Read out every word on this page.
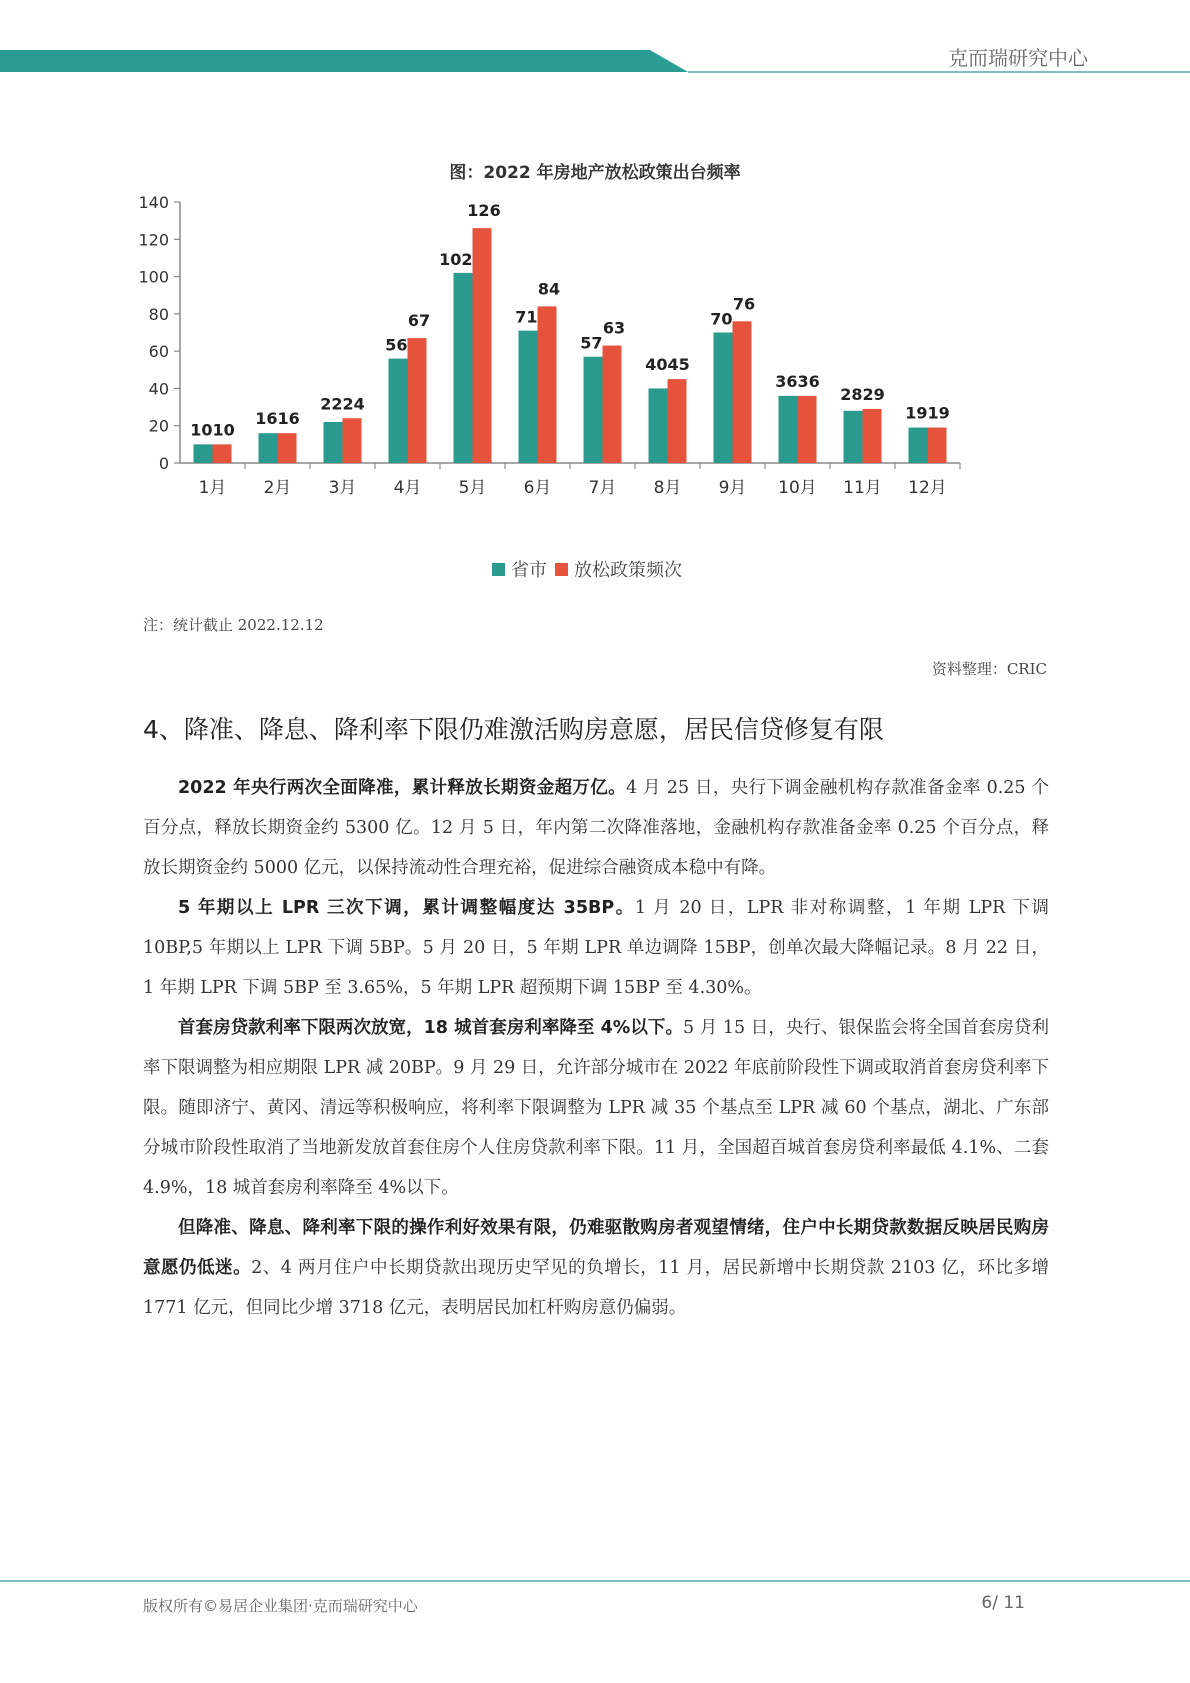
克而瑞研究中心
图：2022 年房地产放松政策出台频率
0
20
40
60
80
100
120
140
1月
10 10
2月
16 16
3月
22 24
4月
56
67
5月
102
126
6月
71
84
7月
57
63
8月
40 45
9月
70
76
10月
36 36
11月
28 29
12月
19 19
省市 放松政策频次
注：统计截止 2022.12.12
资料整理：CRIC
4、降准、降息、降利率下限仍难激活购房意愿，居民信贷修复有限

2022 年央行两次全面降准，累计释放长期资金超万亿。4 月 25 日，央行下调金融机构存款准备金率 0.25 个百分点，释放长期资金约 5300 亿。12 月 5 日，年内第二次降准落地，金融机构存款准备金率 0.25 个百分点，释放长期资金约 5000 亿元，以保持流动性合理充裕，促进综合融资成本稳中有降。

5 年期以上 LPR 三次下调，累计调整幅度达 35BP。1 月 20 日，LPR 非对称调整，1 年期 LPR 下调 10BP,5 年期以上 LPR 下调 5BP。5 月 20 日，5 年期 LPR 单边调降 15BP，创单次最大降幅记录。8 月 22 日，1 年期 LPR 下调 5BP 至 3.65%，5 年期 LPR 超预期下调 15BP 至 4.30%。

首套房贷款利率下限两次放宽，18 城首套房利率降至 4%以下。5 月 15 日，央行、银保监会将全国首套房贷利率下限调整为相应期限 LPR 减 20BP。9 月 29 日，允许部分城市在 2022 年底前阶段性下调或取消首套房贷利率下限。随即济宁、黄冈、清远等积极响应，将利率下限调整为 LPR 减 35 个基点至 LPR 减 60 个基点，湖北、广东部分城市阶段性取消了当地新发放首套住房个人住房贷款利率下限。11 月，全国超百城首套房贷利率最低 4.1%、二套 4.9%，18 城首套房利率降至 4%以下。

但降准、降息、降利率下限的操作利好效果有限，仍难驱散购房者观望情绪，住户中长期贷款数据反映居民购房意愿仍低迷。2、4 两月住户中长期贷款出现历史罕见的负增长，11 月，居民新增中长期贷款 2103 亿，环比多增 1771 亿元，但同比少增 3718 亿元，表明居民加杠杆购房意仍偏弱。

版权所有©易居企业集团·克而瑞研究中心	6/ 11
